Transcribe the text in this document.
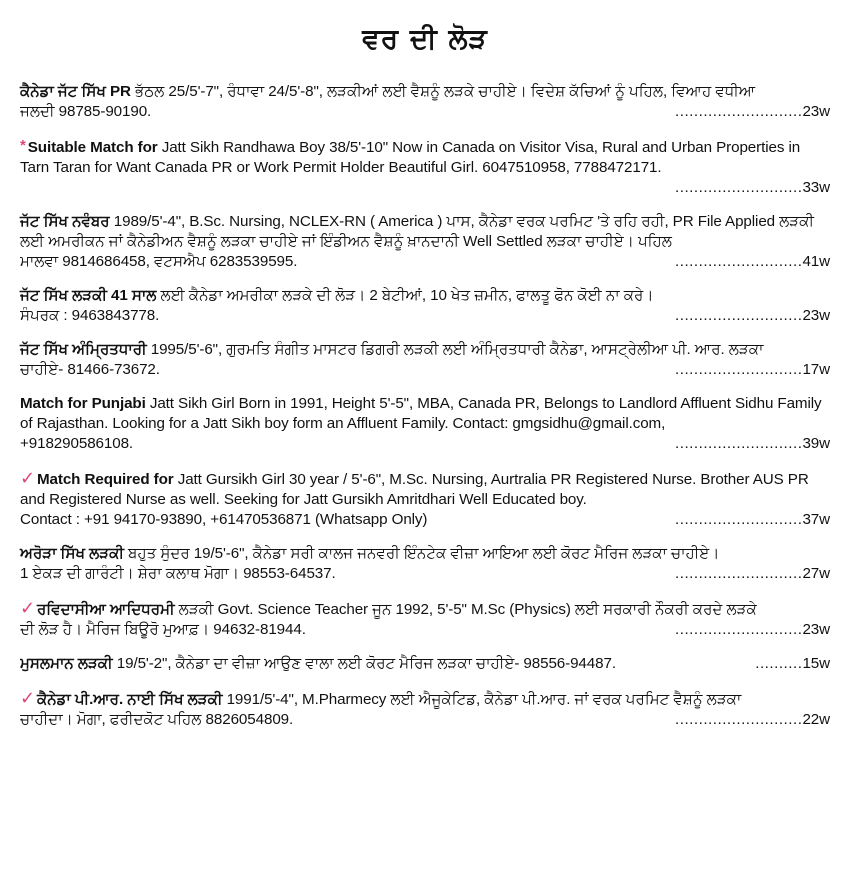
ਵਰ ਦੀ ਲੋੜ
ਕੈਨੇਡਾ ਜੱਟ ਸਿੱਖ PR ਭੱਠਲ 25/5'-7", ਰੰਧਾਵਾ 24/5'-8", ਲੜਕੀਆਂ ਲਈ ਵੈਸ਼ਨੂੰ ਲੜਕੇ ਚਾਹੀਏ। ਵਿਦੇਸ਼ ਕੱਚਿਆਂ ਨੂੰ ਪਹਿਲ, ਵਿਆਹ ਵਧੀਆ
ਜਲਦੀ 98785-90190. .....	23w
* Suitable Match for Jatt Sikh Randhawa Boy 38/5'-10" Now in Canada on Visitor Visa, Rural and Urban Properties in Tarn Taran for Want Canada PR or Work Permit Holder Beautiful Girl. 6047510958, 7788472171.
..... 33w
ਜੱਟ ਸਿੱਖ ਨਵੰਬਰ 1989/5'-4", B.Sc. Nursing, NCLEX-RN ( America ) ਪਾਸ, ਕੈਨੇਡਾ ਵਰਕ ਪਰਮਿਟ 'ਤੇ ਰਹਿ ਰਹੀ, PR File Applied ਲੜਕੀ ਲਈ ਅਮਰੀਕਨ ਜਾਂ ਕੈਨੇਡੀਅਨ ਵੈਸ਼ਨੂੰ ਲੜਕਾ ਚਾਹੀਏ ਜਾਂ ਇੰਡੀਅਨ ਵੈਸ਼ਨੂੰ ਖ਼ਾਨਦਾਨੀ Well Settled ਲੜਕਾ ਚਾਹੀਏ। ਪਹਿਲ
ਮਾਲਵਾ 9814686458, ਵਟਸਐਪ 6283539595. .....	41w
ਜੱਟ ਸਿੱਖ ਲੜਕੀ 41 ਸਾਲ ਲਈ ਕੈਨੇਡਾ ਅਮਰੀਕਾ ਲੜਕੇ ਦੀ ਲੋੜ। 2 ਬੇਟੀਆਂ, 10 ਖੇਤ ਜ਼ਮੀਨ, ਫਾਲਤੂ ਫੋਨ ਕੋਈ ਨਾ ਕਰੇ।
ਸੰਪਰਕ : 9463843778. .....	23w
ਜੱਟ ਸਿੱਖ ਅੰਮ੍ਰਿਤਧਾਰੀ 1995/5'-6", ਗੁਰਮਤਿ ਸੰਗੀਤ ਮਾਸਟਰ ਡਿਗਰੀ ਲੜਕੀ ਲਈ ਅੰਮ੍ਰਿਤਧਾਰੀ ਕੈਨੇਡਾ, ਆਸਟ੍ਰੇਲੀਆ ਪੀ. ਆਰ. ਲੜਕਾ
ਚਾਹੀਏ- 81466-73672. .....	17w
Match for Punjabi Jatt Sikh Girl Born in 1991, Height 5'-5", MBA, Canada PR, Belongs to Landlord Affluent Sidhu Family of Rajasthan. Looking for a Jatt Sikh boy form an Affluent Family. Contact: gmgsidhu@gmail.com,
+918290586108. .....	39w
✓ Match Required for Jatt Gursikh Girl 30 year / 5'-6", M.Sc. Nursing, Aurtralia PR Registered Nurse. Brother AUS PR and Registered Nurse as well. Seeking for Jatt Gursikh Amritdhari Well Educated boy.
Contact : +91 94170-93890, +61470536871 (Whatsapp Only) .....	37w
ਅਰੋੜਾ ਸਿੱਖ ਲੜਕੀ ਬਹੁਤ ਸੁੰਦਰ 19/5'-6", ਕੈਨੇਡਾ ਸਰੀ ਕਾਲਜ ਜਨਵਰੀ ਇੰਨਟੇਕ ਵੀਜ਼ਾ ਆਇਆ ਲਈ ਕੋਰਟ ਮੈਰਿਜ ਲੜਕਾ ਚਾਹੀਏ।
1 ਏਕੜ ਦੀ ਗਾਰੰਟੀ। ਸ਼ੇਰਾ ਕਲਾਥ ਮੋਗਾ। 98553-64537. .....	27w
✓ ਰਵਿਦਾਸੀਆ ਆਦਿਧਰਮੀ ਲੜਕੀ Govt. Science Teacher ਜੂਨ 1992, 5'-5" M.Sc (Physics) ਲਈ ਸਰਕਾਰੀ ਨੌਕਰੀ ਕਰਦੇ ਲੜਕੇ
ਦੀ ਲੋੜ ਹੈ। ਮੈਰਿਜ ਬਿਊਰੋ ਮੁਆਫ਼। 94632-81944. .....	23w
ਮੁਸਲਮਾਨ ਲੜਕੀ 19/5'-2", ਕੈਨੇਡਾ ਦਾ ਵੀਜ਼ਾ ਆਉਣ ਵਾਲਾ ਲਈ ਕੋਰਟ ਮੈਰਿਜ ਲੜਕਾ ਚਾਹੀਏ- 98556-94487. .....	15w
✓ ਕੈਨੇਡਾ ਪੀ.ਆਰ. ਨਾਈ ਸਿੱਖ ਲੜਕੀ 1991/5'-4", M.Pharmecy ਲਈ ਐਜੂਕੇਟਿਡ, ਕੈਨੇਡਾ ਪੀ.ਆਰ. ਜਾਂ ਵਰਕ ਪਰਮਿਟ ਵੈਸ਼ਨੂੰ ਲੜਕਾ
ਚਾਹੀਦਾ। ਮੋਗਾ, ਫਰੀਦਕੋਟ ਪਹਿਲ 8826054809. .....	22w
